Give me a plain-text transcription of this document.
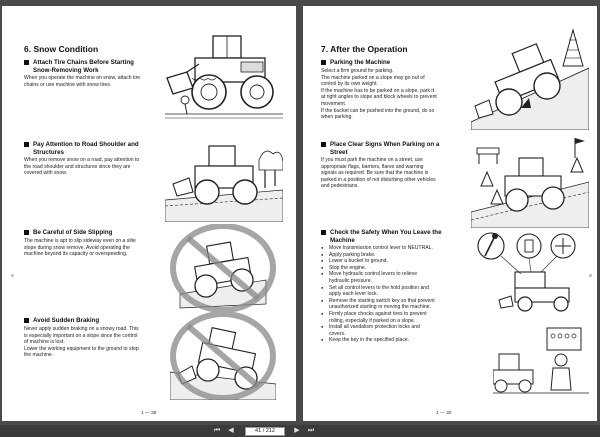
6. Snow Condition
Attach Tire Chains Before Starting
Snow-Removing Work

When you operate the machine on snow, attach tire

chains or use machine with snow tires.

Pay Attention to Road Shoulder and
Structures

When you remove snow on a road, pay attention to

the road shoulder and structures since they are

covered with snow.

Be Careful of Side Slipping

The machine is apt to slip sideway even on a slite

slope during snow remove. Avoid operating the

machine beyond its capacity or overspeeding.

Avoid Sudden Braking

Never apply sudden braking on a snowy road. This

is especially important on a slope since the control

of machine is lost.

Lower the working equipment to the ground to stop

the machine.

1 — 28
7. After the Operation
Parking the Machine

Select a firm ground for parking.

The machine parked on a slope may go out of

control by its own weight.

If the machine has to be parked on a slope, park it

at right angles to slope and block wheels to prevent

movement.

If the bucket can be pushed into the ground, do so

when parking.

Place Clear Signs When Parking on a
Street

If you must park the machine on a street, use

appropriate flags, barriers, flares and warning

signals as required. Be sure that the machine is

parked in a position of not disturbing other vehicles

and pedestrians.

Check the Safety When You Leave the
Machine
● Move transmission control lever to NEUTRAL.
● Apply parking brake.
● Lower a bucket to ground.
● Stop the engine.
● Move hydraulic control levers to relieve
hydraulic pressure.
● Set all control levers to the hold position and
apply each lever lock.
● Remove the starting switch key so that prevent
unauthorized starting or moving the machine.
● Firmly place chocks against tires to prevent
rolling, especially if parked on a slope.
● Install all vandalism protection locks and
covers.
● Keep the key in the specified place.
1 — 30
⏮	◀
41 / 212	▶	⏭
